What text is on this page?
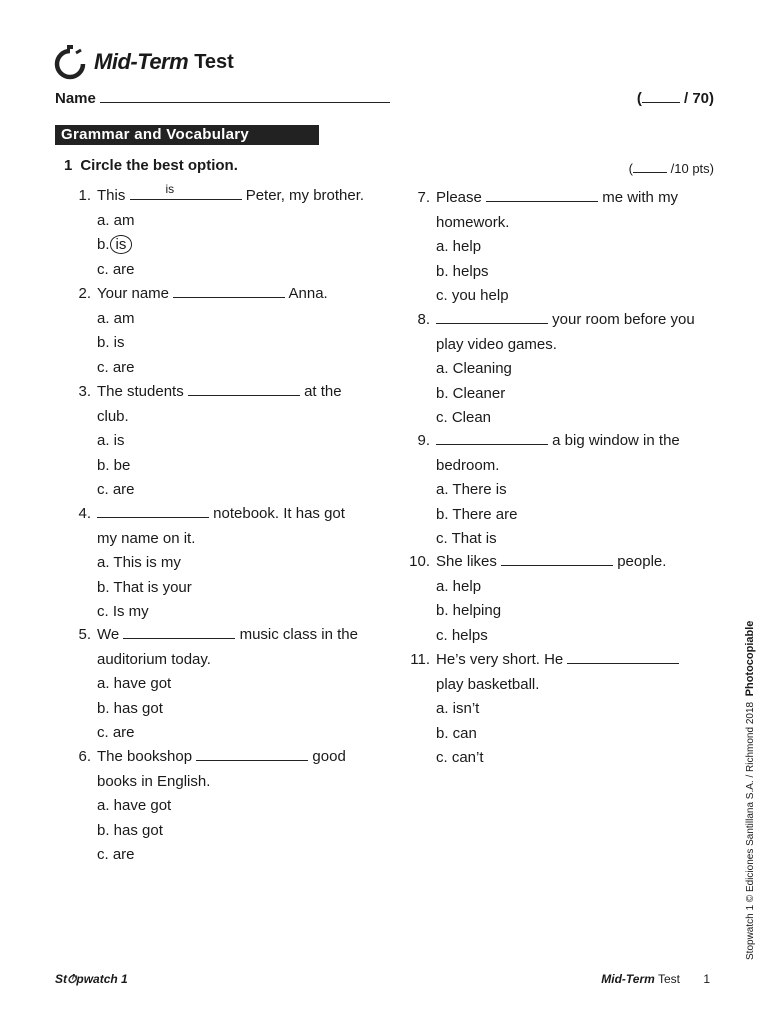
Mid-Term Test
Name	(	/ 70)
Grammar and Vocabulary
1 Circle the best option.	(	/10 pts)
1. This	is	Peter, my brother.
a. am
b. is
c. are
2. Your name	Anna.
a. am
b. is
c. are
3. The students	at the
club.
a. is
b. be
c. are
4.	notebook. It has got
my name on it.
a. This is my
b. That is your
c. Is my
5. We	music class in the
auditorium today.
a. have got
b. has got
c. are
6. The bookshop	good
books in English.
a. have got
b. has got
c. are
7. Please	me with my
homework.
a. help
b. helps
c. you help
8.	your room before you
play video games.
a. Cleaning
b. Cleaner
c. Clean
9.	a big window in the
bedroom.
a. There is
b. There are
c. That is
10. She likes	people.
a. help
b. helping
c. helps
11. He’s very short. He
play basketball.
a. isn’t
b. can
c. can’t	Stopwatch 1 © Ediciones Santillana S.A. / Richmond 2018  Photocopiable
St⏱pwatch 1	Mid-Term Test 1
